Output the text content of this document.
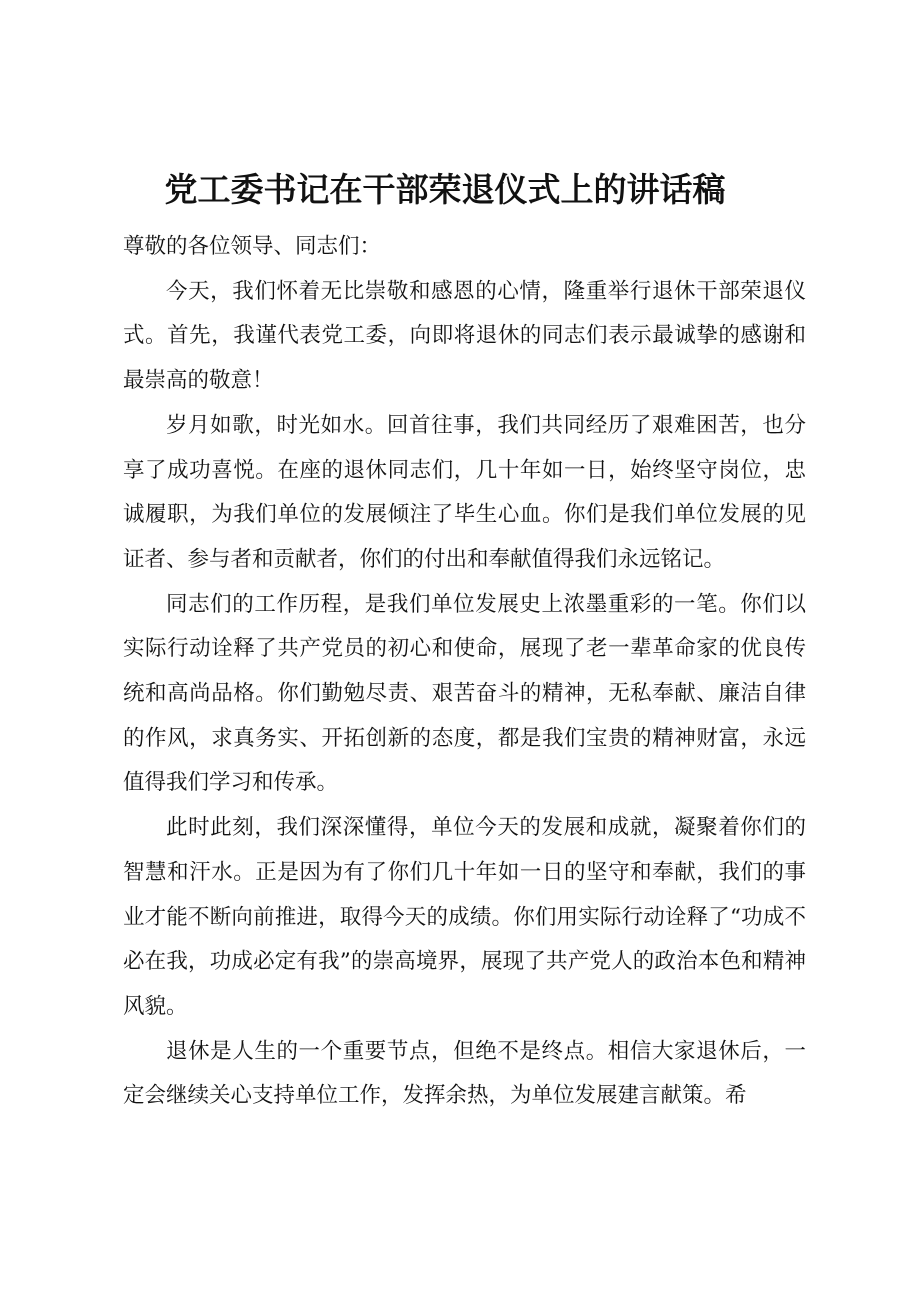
党工委书记在干部荣退仪式上的讲话稿

尊敬的各位领导、同志们：

今天，我们怀着无比崇敬和感恩的心情，隆重举行退休干部荣退仪式。首先，我谨代表党工委，向即将退休的同志们表示最诚挚的感谢和最崇高的敬意！

岁月如歌，时光如水。回首往事，我们共同经历了艰难困苦，也分享了成功喜悦。在座的退休同志们，几十年如一日，始终坚守岗位，忠诚履职，为我们单位的发展倾注了毕生心血。你们是我们单位发展的见证者、参与者和贡献者，你们的付出和奉献值得我们永远铭记。

同志们的工作历程，是我们单位发展史上浓墨重彩的一笔。你们以实际行动诠释了共产党员的初心和使命，展现了老一辈革命家的优良传统和高尚品格。你们勤勉尽责、艰苦奋斗的精神，无私奉献、廉洁自律的作风，求真务实、开拓创新的态度，都是我们宝贵的精神财富，永远值得我们学习和传承。

此时此刻，我们深深懂得，单位今天的发展和成就，凝聚着你们的智慧和汗水。正是因为有了你们几十年如一日的坚守和奉献，我们的事业才能不断向前推进，取得今天的成绩。你们用实际行动诠释了“功成不必在我，功成必定有我”的崇高境界，展现了共产党人的政治本色和精神风貌。

退休是人生的一个重要节点，但绝不是终点。相信大家退休后，一定会继续关心支持单位工作，发挥余热，为单位发展建言献策。希
